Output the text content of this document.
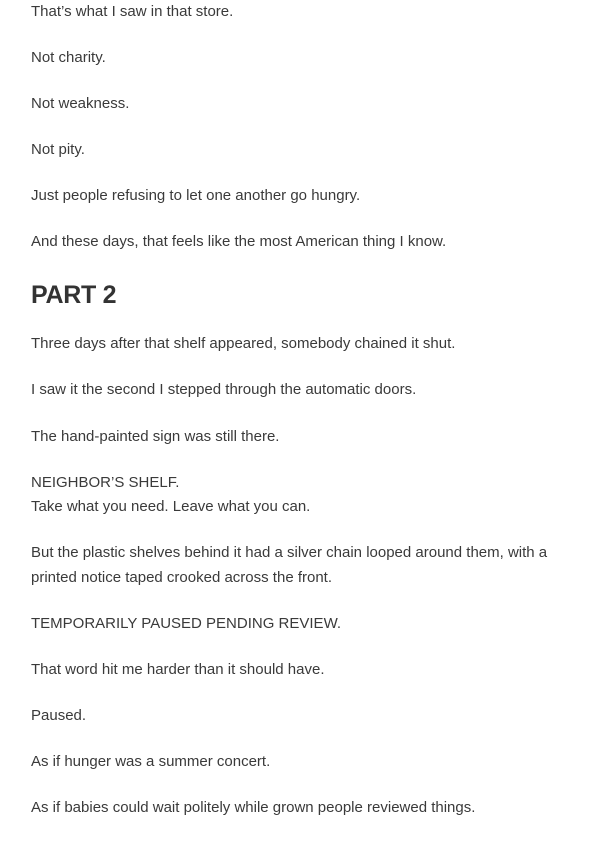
That’s what I saw in that store.

Not charity.

Not weakness.

Not pity.

Just people refusing to let one another go hungry.

And these days, that feels like the most American thing I know.

PART 2

Three days after that shelf appeared, somebody chained it shut.

I saw it the second I stepped through the automatic doors.

The hand-painted sign was still there.

NEIGHBOR’S SHELF.

Take what you need. Leave what you can.

But the plastic shelves behind it had a silver chain looped around them, with a

printed notice taped crooked across the front.

TEMPORARILY PAUSED PENDING REVIEW.

That word hit me harder than it should have.

Paused.

As if hunger was a summer concert.

As if babies could wait politely while grown people reviewed things.
